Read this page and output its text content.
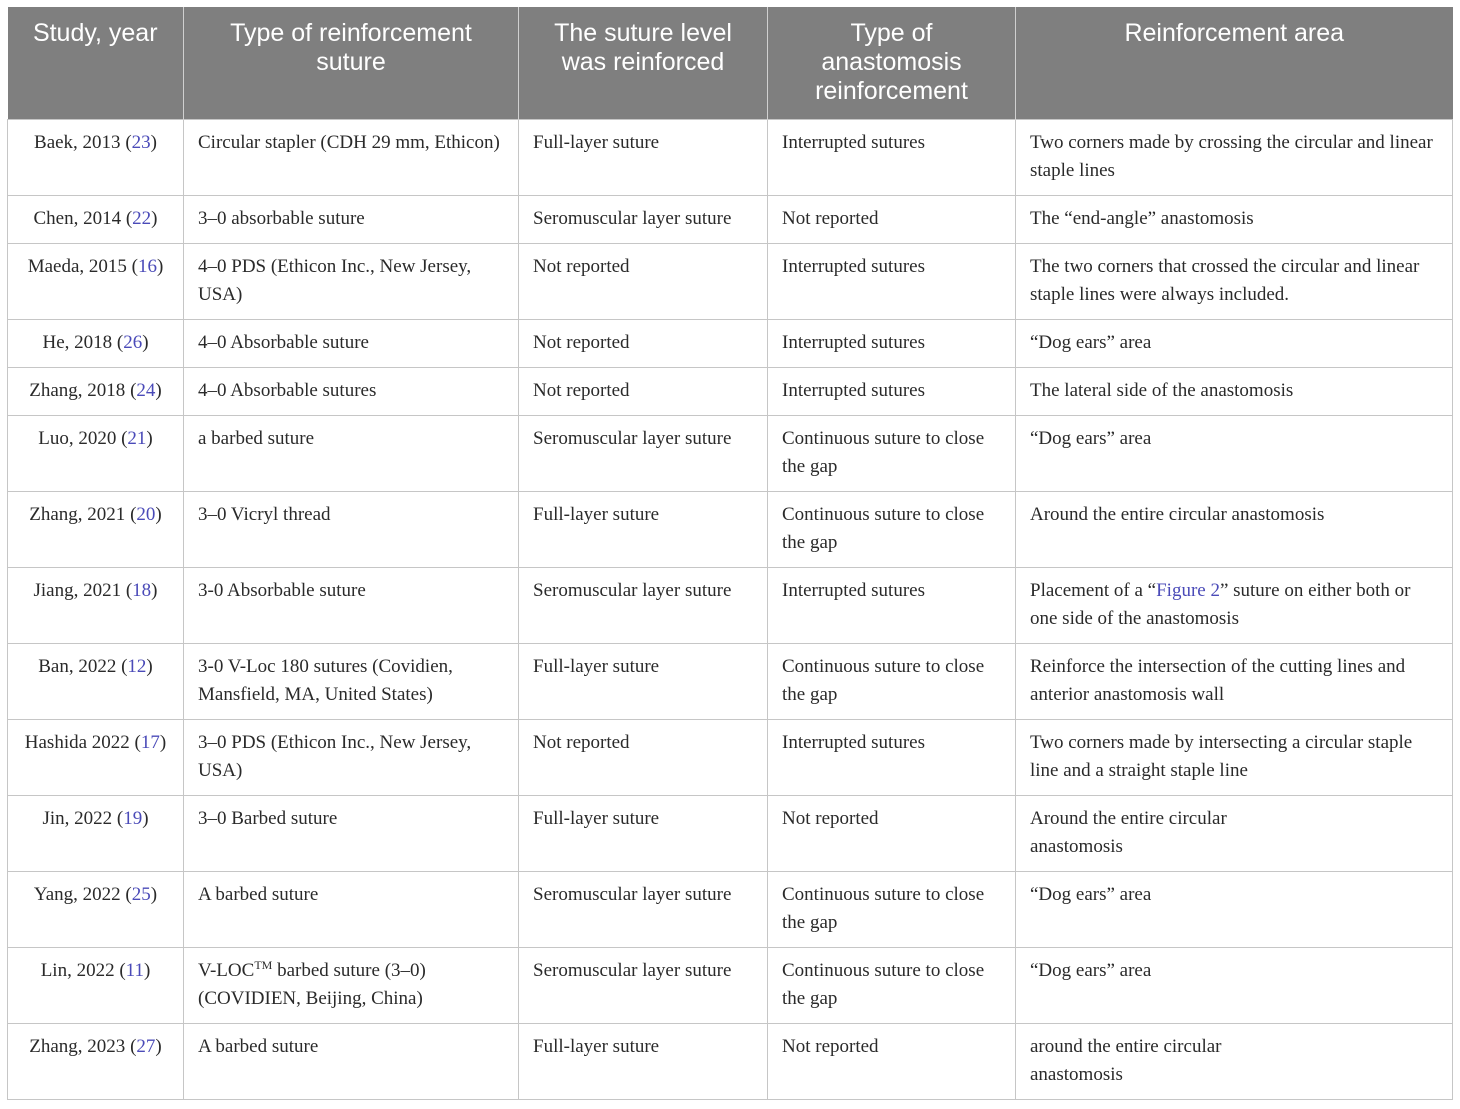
Study, year	Type of reinforcement suture	The suture level was reinforced	Type of anastomosis reinforcement	Reinforcement area
Baek, 2013 (23)	Circular stapler (CDH 29 mm, Ethicon)	Full-layer suture	Interrupted sutures	Two corners made by crossing the circular and linear staple lines
Chen, 2014 (22)	3–0 absorbable suture	Seromuscular layer suture	Not reported	The “end-angle” anastomosis
Maeda, 2015 (16)	4–0 PDS (Ethicon Inc., New Jersey, USA)	Not reported	Interrupted sutures	The two corners that crossed the circular and linear staple lines were always included.
He, 2018 (26)	4–0 Absorbable suture	Not reported	Interrupted sutures	“Dog ears” area
Zhang, 2018 (24)	4–0 Absorbable sutures	Not reported	Interrupted sutures	The lateral side of the anastomosis
Luo, 2020 (21)	a barbed suture	Seromuscular layer suture	Continuous suture to close the gap	“Dog ears” area
Zhang, 2021 (20)	3–0 Vicryl thread	Full-layer suture	Continuous suture to close the gap	Around the entire circular anastomosis
Jiang, 2021 (18)	3-0 Absorbable suture	Seromuscular layer suture	Interrupted sutures	Placement of a “Figure 2” suture on either both or one side of the anastomosis
Ban, 2022 (12)	3-0 V-Loc 180 sutures (Covidien, Mansfield, MA, United States)	Full-layer suture	Continuous suture to close the gap	Reinforce the intersection of the cutting lines and anterior anastomosis wall
Hashida 2022 (17)	3–0 PDS (Ethicon Inc., New Jersey, USA)	Not reported	Interrupted sutures	Two corners made by intersecting a circular staple line and a straight staple line
Jin, 2022 (19)	3–0 Barbed suture	Full-layer suture	Not reported	Around the entire circular anastomosis
Yang, 2022 (25)	A barbed suture	Seromuscular layer suture	Continuous suture to close the gap	“Dog ears” area
Lin, 2022 (11)	V-LOC™ barbed suture (3–0) (COVIDIEN, Beijing, China)	Seromuscular layer suture	Continuous suture to close the gap	“Dog ears” area
Zhang, 2023 (27)	A barbed suture	Full-layer suture	Not reported	around the entire circular anastomosis
